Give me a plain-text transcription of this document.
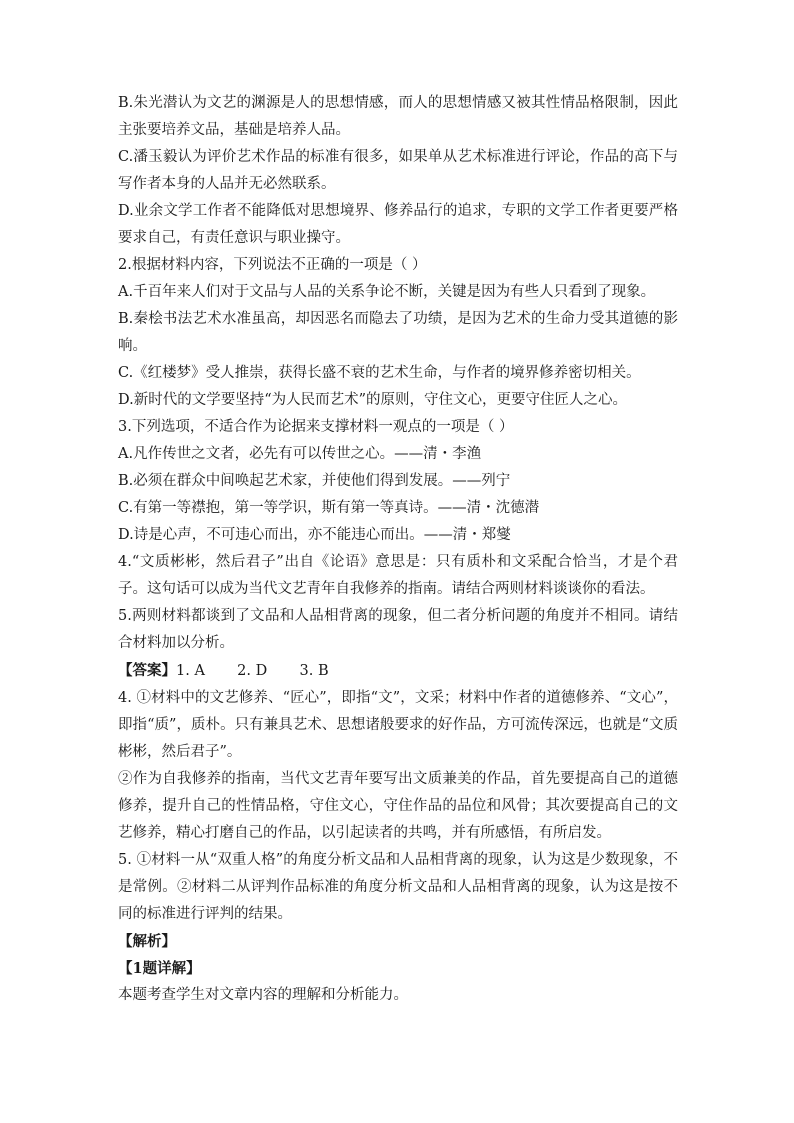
B.朱光潜认为文艺的渊源是人的思想情感，而人的思想情感又被其性情品格限制，因此主张要培养文品，基础是培养人品。

C.潘玉毅认为评价艺术作品的标准有很多，如果单从艺术标准进行评论，作品的高下与写作者本身的人品并无必然联系。

D.业余文学工作者不能降低对思想境界、修养品行的追求，专职的文学工作者更要严格要求自己，有责任意识与职业操守。

2.根据材料内容，下列说法不正确的一项是（ ）

A.千百年来人们对于文品与人品的关系争论不断，关键是因为有些人只看到了现象。

B.秦桧书法艺术水准虽高，却因恶名而隐去了功绩，是因为艺术的生命力受其道德的影响。

C.《红楼梦》受人推崇，获得长盛不衰的艺术生命，与作者的境界修养密切相关。

D.新时代的文学要坚持“为人民而艺术”的原则，守住文心，更要守住匠人之心。

3.下列选项，不适合作为论据来支撑材料一观点的一项是（ ）

A.凡作传世之文者，必先有可以传世之心。——清・李渔

B.必须在群众中间唤起艺术家，并使他们得到发展。——列宁

C.有第一等襟抱，第一等学识，斯有第一等真诗。——清・沈德潜

D.诗是心声，不可违心而出，亦不能违心而出。——清・郑燮

4.“文质彬彬，然后君子”出自《论语》意思是：只有质朴和文采配合恰当，才是个君子。这句话可以成为当代文艺青年自我修养的指南。请结合两则材料谈谈你的看法。

5.两则材料都谈到了文品和人品相背离的现象，但二者分析问题的角度并不相同。请结合材料加以分析。

【答案】1. A       2. D       3. B

4. ①材料中的文艺修养、“匠心”，即指“文”，文采；材料中作者的道德修养、“文心”，即指“质”，质朴。只有兼具艺术、思想诸般要求的好作品，方可流传深远，也就是“文质彬彬，然后君子”。

②作为自我修养的指南，当代文艺青年要写出文质兼美的作品，首先要提高自己的道德修养，提升自己的性情品格，守住文心，守住作品的品位和风骨；其次要提高自己的文艺修养，精心打磨自己的作品，以引起读者的共鸣，并有所感悟，有所启发。

5. ①材料一从“双重人格”的角度分析文品和人品相背离的现象，认为这是少数现象，不是常例。②材料二从评判作品标准的角度分析文品和人品相背离的现象，认为这是按不同的标准进行评判的结果。

【解析】

【1题详解】

本题考查学生对文章内容的理解和分析能力。
